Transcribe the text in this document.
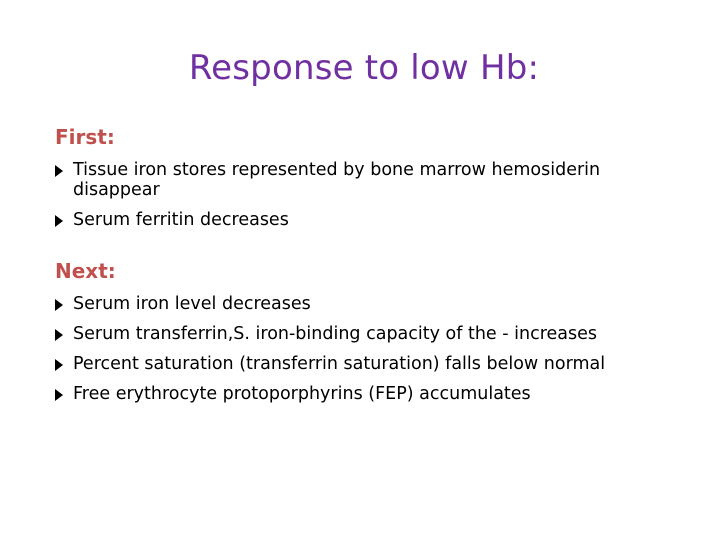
Response to low Hb:
First:
Tissue iron stores represented by bone marrow hemosiderin disappear
Serum ferritin decreases
Next:
Serum iron level decreases
Serum transferrin,S. iron-binding capacity of the - increases
Percent saturation (transferrin saturation) falls below normal
Free erythrocyte protoporphyrins (FEP) accumulates
